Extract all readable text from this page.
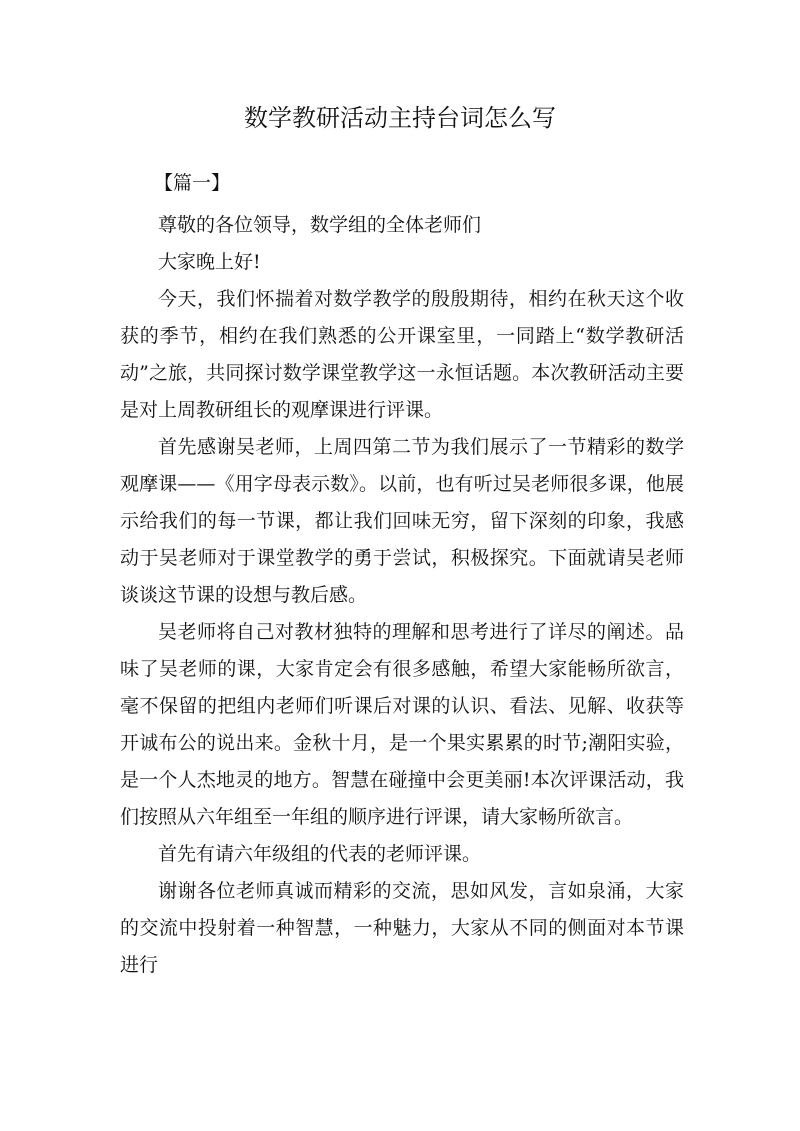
数学教研活动主持台词怎么写

【篇一】

尊敬的各位领导，数学组的全体老师们

大家晚上好!

今天，我们怀揣着对数学教学的殷殷期待，相约在秋天这个收获的季节，相约在我们熟悉的公开课室里，一同踏上“数学教研活动”之旅，共同探讨数学课堂教学这一永恒话题。本次教研活动主要是对上周教研组长的观摩课进行评课。

首先感谢吴老师，上周四第二节为我们展示了一节精彩的数学观摩课——《用字母表示数》。以前，也有听过吴老师很多课，他展示给我们的每一节课，都让我们回味无穷，留下深刻的印象，我感动于吴老师对于课堂教学的勇于尝试，积极探究。下面就请吴老师谈谈这节课的设想与教后感。

吴老师将自己对教材独特的理解和思考进行了详尽的阐述。品味了吴老师的课，大家肯定会有很多感触，希望大家能畅所欲言，毫不保留的把组内老师们听课后对课的认识、看法、见解、收获等开诚布公的说出来。金秋十月，是一个果实累累的时节;潮阳实验，是一个人杰地灵的地方。智慧在碰撞中会更美丽!本次评课活动，我们按照从六年组至一年组的顺序进行评课，请大家畅所欲言。

首先有请六年级组的代表的老师评课。

谢谢各位老师真诚而精彩的交流，思如风发，言如泉涌，大家的交流中投射着一种智慧，一种魅力，大家从不同的侧面对本节课进行
